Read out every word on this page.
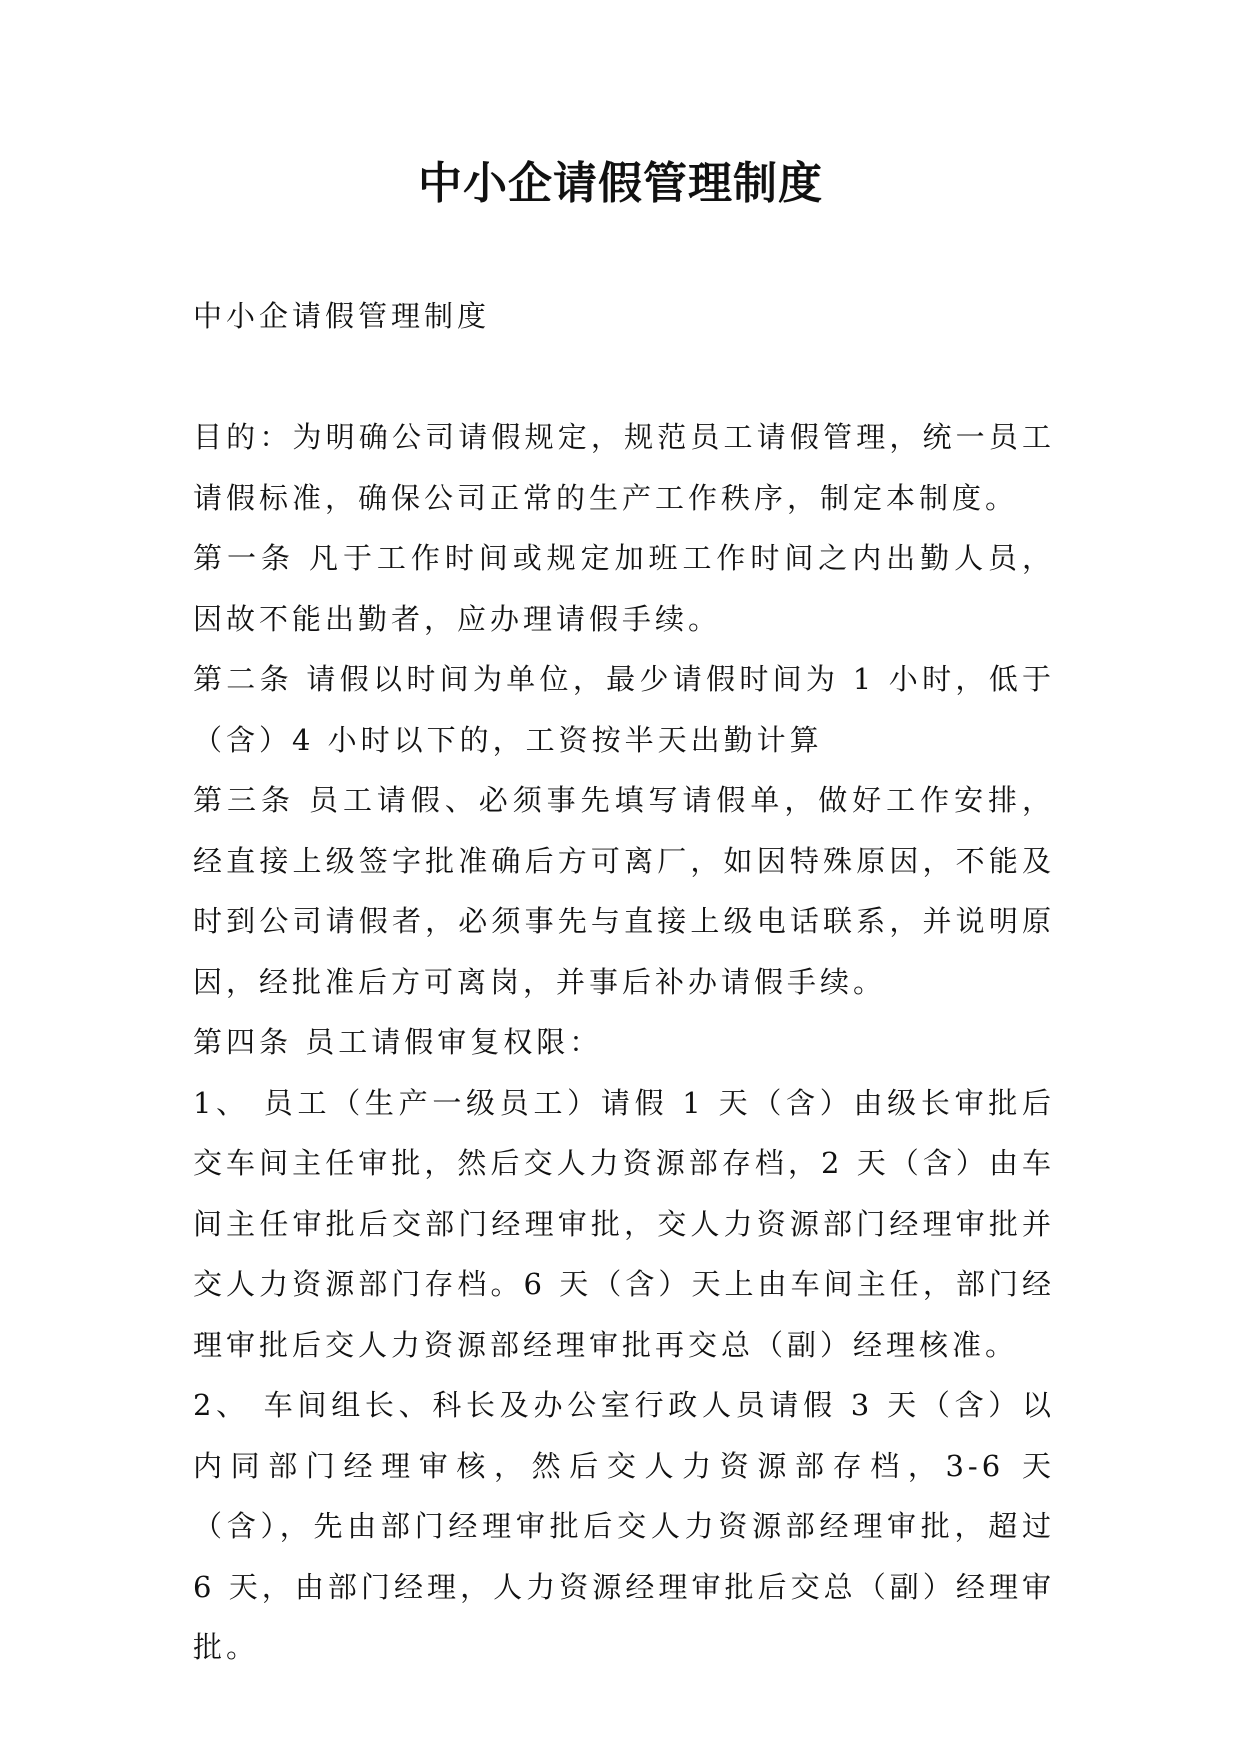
中小企请假管理制度

中小企请假管理制度

目的：为明确公司请假规定，规范员工请假管理，统一员工请假标准，确保公司正常的生产工作秩序，制定本制度。

第一条 凡于工作时间或规定加班工作时间之内出勤人员，因故不能出勤者，应办理请假手续。

第二条 请假以时间为单位，最少请假时间为 1 小时，低于（含）4 小时以下的，工资按半天出勤计算

第三条 员工请假、必须事先填写请假单，做好工作安排，经直接上级签字批准确后方可离厂，如因特殊原因，不能及时到公司请假者，必须事先与直接上级电话联系，并说明原因，经批准后方可离岗，并事后补办请假手续。

第四条 员工请假审复权限：

1、 员工（生产一级员工）请假 1 天（含）由级长审批后交车间主任审批，然后交人力资源部存档，2 天（含）由车间主任审批后交部门经理审批，交人力资源部门经理审批并交人力资源部门存档。6 天（含）天上由车间主任，部门经理审批后交人力资源部经理审批再交总（副）经理核准。

2、 车间组长、科长及办公室行政人员请假 3 天（含）以内同部门经理审核，然后交人力资源部存档，3-6 天（含），先由部门经理审批后交人力资源部经理审批，超过 6 天，由部门经理，人力资源经理审批后交总（副）经理审批。
